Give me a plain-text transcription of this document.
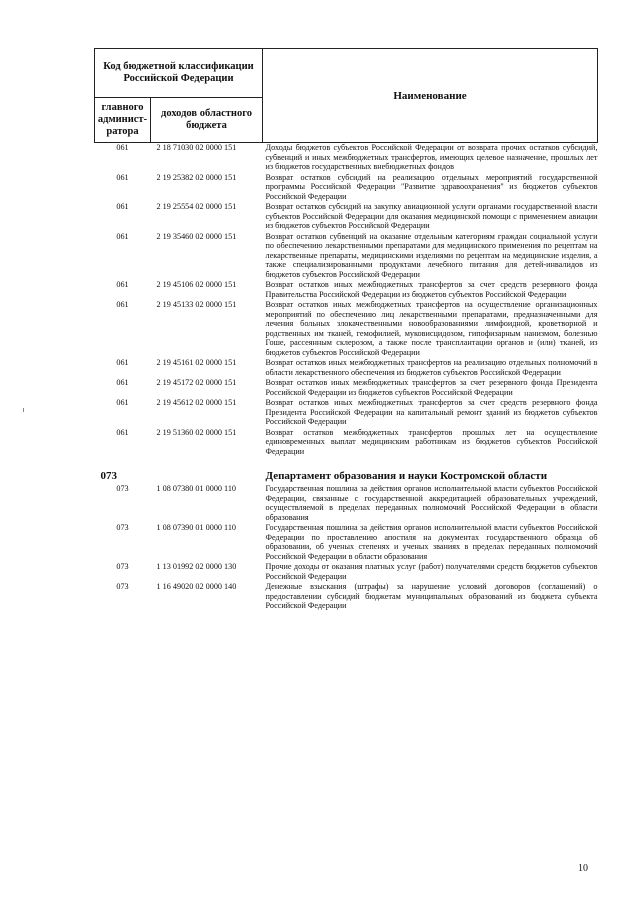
Код бюджетной классификации Российской Федерации		Наименование
главного админист-ратора	доходов областного бюджета	
061	2 18 71030 02 0000 151	Доходы бюджетов субъектов Российской Федерации от возврата прочих остатков субсидий, субвенций и иных межбюджетных трансфертов, имеющих целевое назначение, прошлых лет из бюджетов государственных внебюджетных фондов
061	2 19 25382 02 0000 151	Возврат остатков субсидий на реализацию отдельных мероприятий государственной программы Российской Федерации "Развитие здравоохранения" из бюджетов субъектов Российской Федерации
061	2 19 25554 02 0000 151	Возврат остатков субсидий на закупку авиационной услуги органами государственной власти субъектов Российской Федерации для оказания медицинской помощи с применением авиации из бюджетов субъектов Российской Федерации
061	2 19 35460 02 0000 151	Возврат остатков субвенций на оказание отдельным категориям граждан социальной услуги по обеспечению лекарственными препаратами для медицинского применения по рецептам на лекарственные препараты, медицинскими изделиями по рецептам на медицинские изделия, а также специализированными продуктами лечебного питания для детей-инвалидов из бюджетов субъектов Российской Федерации
061	2 19 45106 02 0000 151	Возврат остатков иных межбюджетных трансфертов за счет средств резервного фонда Правительства Российской Федерации из бюджетов субъектов Российской Федерации
061	2 19 45133 02 0000 151	Возврат остатков иных межбюджетных трансфертов на осуществление организационных мероприятий по обеспечению лиц лекарственными препаратами, предназначенными для лечения больных злокачественными новообразованиями лимфоидной, кроветворной и родственных им тканей, гемофилией, муковисцидозом, гипофизарным нанизмом, болезнью Гоше, рассеянным склерозом, а также после трансплантации органов и (или) тканей, из бюджетов субъектов Российской Федерации
061	2 19 45161 02 0000 151	Возврат остатков иных межбюджетных трансфертов на реализацию отдельных полномочий в области лекарственного обеспечения из бюджетов субъектов Российской Федерации
061	2 19 45172 02 0000 151	Возврат остатков иных межбюджетных трансфертов за счет резервного фонда Президента Российской Федерации из бюджетов субъектов Российской Федерации
061	2 19 45612 02 0000 151	Возврат остатков иных межбюджетных трансфертов за счет средств резервного фонда Президента Российской Федерации на капитальный ремонт зданий из бюджетов субъектов Российской Федерации
061	2 19 51360 02 0000 151	Возврат остатков межбюджетных трансфертов прошлых лет на осуществление единовременных выплат медицинским работникам из бюджетов субъектов Российской Федерации

073		Департамент образования и науки Костромской области
073	1 08 07380 01 0000 110	Государственная пошлина за действия органов исполнительной власти субъектов Российской Федерации, связанные с государственной аккредитацией образовательных учреждений, осуществляемой в пределах переданных полномочий Российской Федерации в области образования
073	1 08 07390 01 0000 110	Государственная пошлина за действия органов исполнительной власти субъектов Российской Федерации по проставлению апостиля на документах государственного образца об образовании, об ученых степенях и ученых званиях в пределах переданных полномочий Российской Федерации в области образования
073	1 13 01992 02 0000 130	Прочие доходы от оказания платных услуг (работ) получателями средств бюджетов субъектов Российской Федерации
073	1 16 49020 02 0000 140	Денежные взыскания (штрафы) за нарушение условий договоров (соглашений) о предоставлении субсидий бюджетам муниципальных образований из бюджета субъекта Российской Федерации
10
